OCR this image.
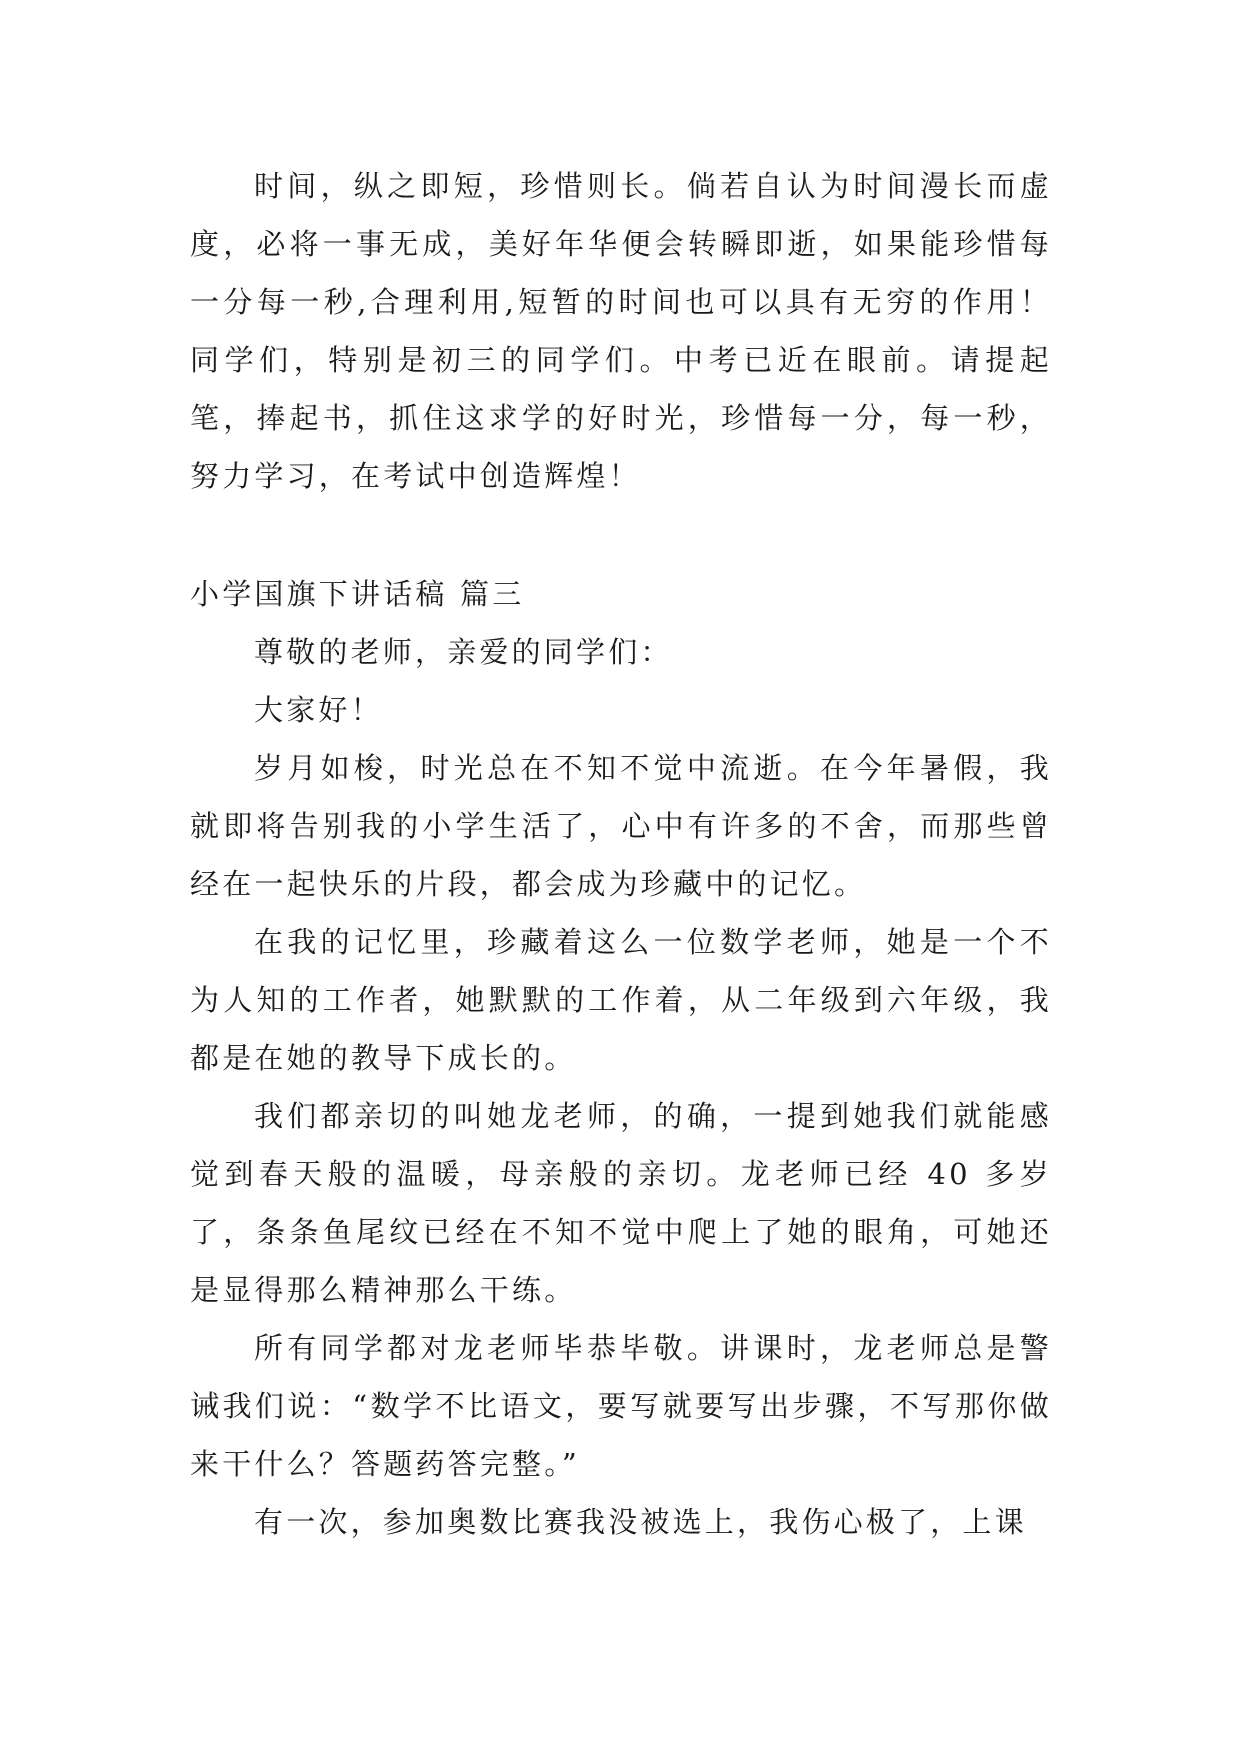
时间，纵之即短，珍惜则长。倘若自认为时间漫长而虚度，必将一事无成，美好年华便会转瞬即逝，如果能珍惜每一分每一秒,合理利用,短暂的时间也可以具有无穷的作用！同学们，特别是初三的同学们。中考已近在眼前。请提起笔，捧起书，抓住这求学的好时光，珍惜每一分，每一秒，努力学习，在考试中创造辉煌！

小学国旗下讲话稿 篇三

尊敬的老师，亲爱的同学们：

大家好！

岁月如梭，时光总在不知不觉中流逝。在今年暑假，我就即将告别我的小学生活了，心中有许多的不舍，而那些曾经在一起快乐的片段，都会成为珍藏中的记忆。

在我的记忆里，珍藏着这么一位数学老师，她是一个不为人知的工作者，她默默的工作着，从二年级到六年级，我都是在她的教导下成长的。

我们都亲切的叫她龙老师，的确，一提到她我们就能感觉到春天般的温暖，母亲般的亲切。龙老师已经 40 多岁了，条条鱼尾纹已经在不知不觉中爬上了她的眼角，可她还是显得那么精神那么干练。

所有同学都对龙老师毕恭毕敬。讲课时，龙老师总是警诫我们说：“数学不比语文，要写就要写出步骤，不写那你做来干什么？答题药答完整。”

有一次，参加奥数比赛我没被选上，我伤心极了，上课
